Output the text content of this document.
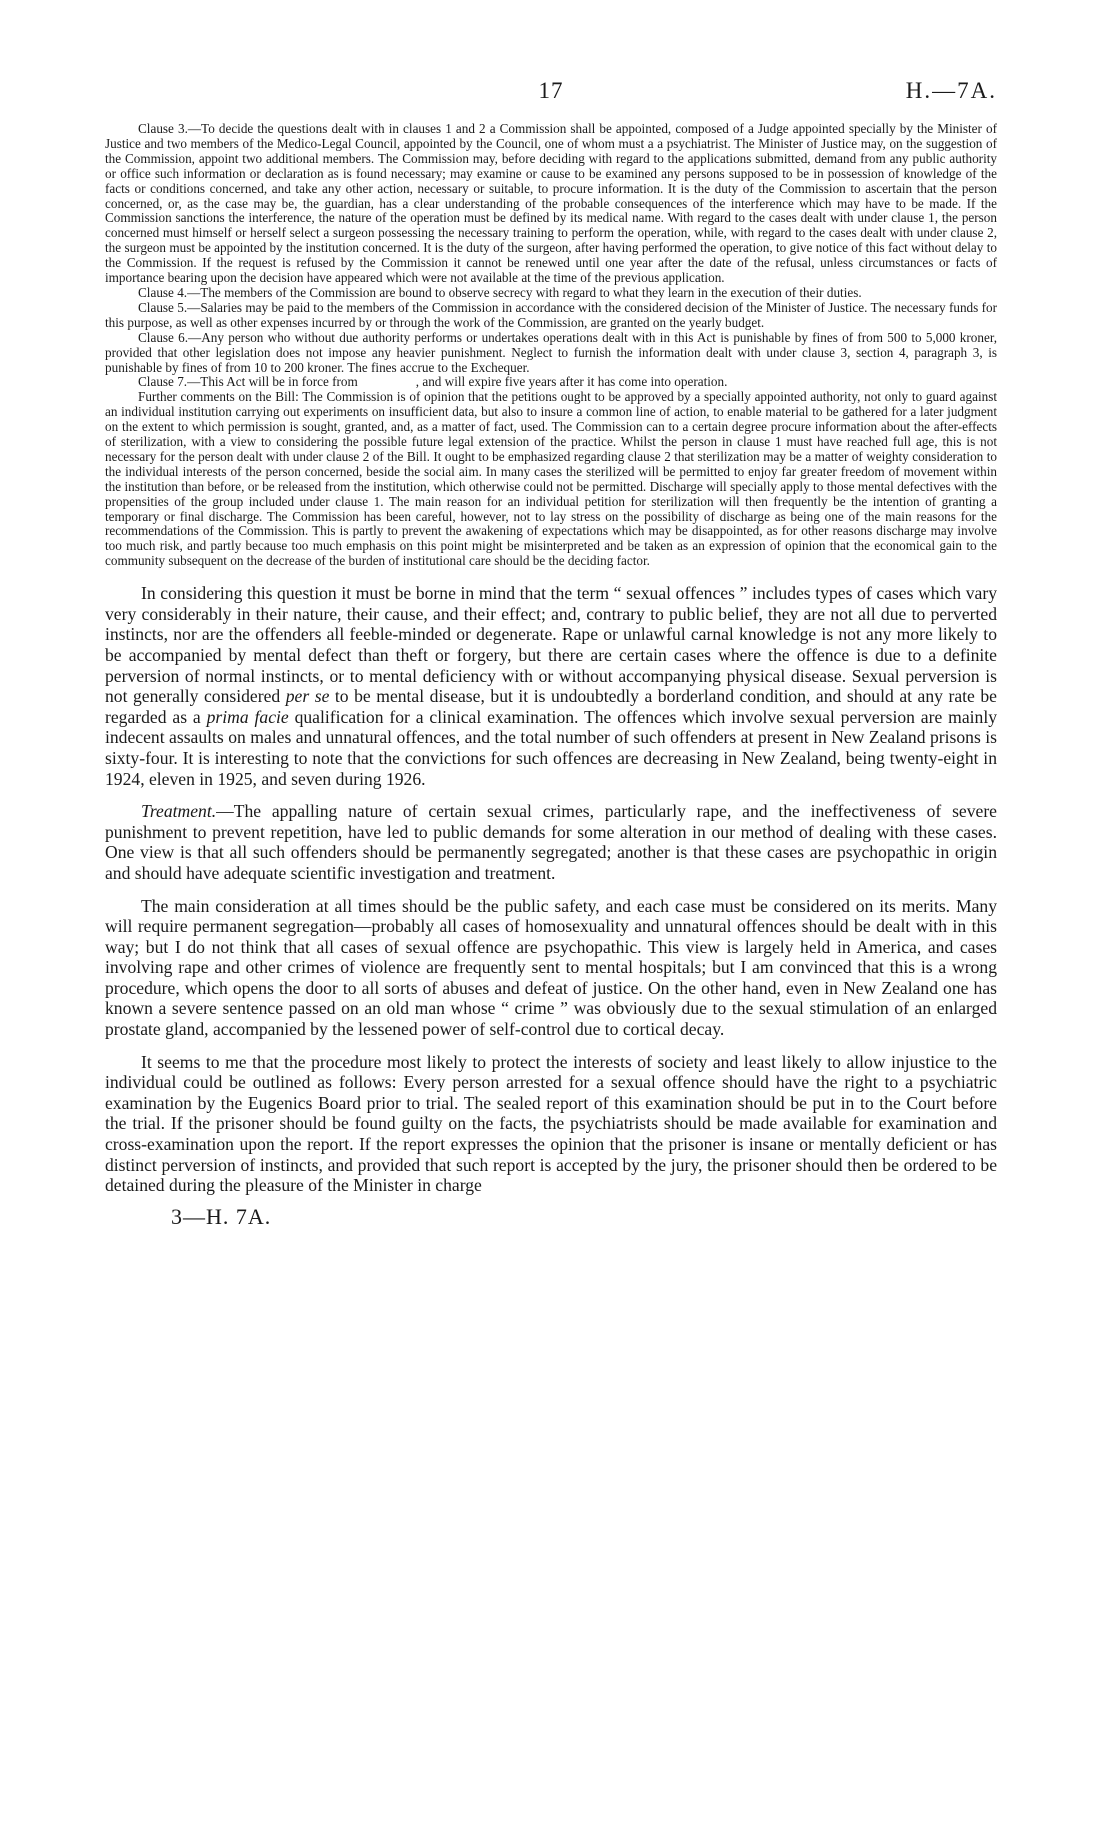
17	H.—7A.

Clause 3.—To decide the questions dealt with in clauses 1 and 2 a Commission shall be appointed, composed of a Judge appointed specially by the Minister of Justice and two members of the Medico-Legal Council, appointed by the Council, one of whom must a a psychiatrist. The Minister of Justice may, on the suggestion of the Commission, appoint two additional members. The Commission may, before deciding with regard to the applications submitted, demand from any public authority or office such information or declaration as is found necessary; may examine or cause to be examined any persons supposed to be in possession of knowledge of the facts or conditions concerned, and take any other action, necessary or suitable, to procure information. It is the duty of the Commission to ascertain that the person concerned, or, as the case may be, the guardian, has a clear understanding of the probable consequences of the interference which may have to be made. If the Commission sanctions the interference, the nature of the operation must be defined by its medical name. With regard to the cases dealt with under clause 1, the person concerned must himself or herself select a surgeon possessing the necessary training to perform the operation, while, with regard to the cases dealt with under clause 2, the surgeon must be appointed by the institution concerned. It is the duty of the surgeon, after having performed the operation, to give notice of this fact without delay to the Commission. If the request is refused by the Commission it cannot be renewed until one year after the date of the refusal, unless circumstances or facts of importance bearing upon the decision have appeared which were not available at the time of the previous application.

Clause 4.—The members of the Commission are bound to observe secrecy with regard to what they learn in the execution of their duties.

Clause 5.—Salaries may be paid to the members of the Commission in accordance with the considered decision of the Minister of Justice. The necessary funds for this purpose, as well as other expenses incurred by or through the work of the Commission, are granted on the yearly budget.

Clause 6.—Any person who without due authority performs or undertakes operations dealt with in this Act is punishable by fines of from 500 to 5,000 kroner, provided that other legislation does not impose any heavier punishment. Neglect to furnish the information dealt with under clause 3, section 4, paragraph 3, is punishable by fines of from 10 to 200 kroner. The fines accrue to the Exchequer.

Clause 7.—This Act will be in force from	, and will expire five years after it has come into operation.

Further comments on the Bill: The Commission is of opinion that the petitions ought to be approved by a specially appointed authority, not only to guard against an individual institution carrying out experiments on insufficient data, but also to insure a common line of action, to enable material to be gathered for a later judgment on the extent to which permission is sought, granted, and, as a matter of fact, used. The Commission can to a certain degree procure information about the after-effects of sterilization, with a view to considering the possible future legal extension of the practice. Whilst the person in clause 1 must have reached full age, this is not necessary for the person dealt with under clause 2 of the Bill. It ought to be emphasized regarding clause 2 that sterilization may be a matter of weighty consideration to the individual interests of the person concerned, beside the social aim. In many cases the sterilized will be permitted to enjoy far greater freedom of movement within the institution than before, or be released from the institution, which otherwise could not be permitted. Discharge will specially apply to those mental defectives with the propensities of the group included under clause 1. The main reason for an individual petition for sterilization will then frequently be the intention of granting a temporary or final discharge. The Commission has been careful, however, not to lay stress on the possibility of discharge as being one of the main reasons for the recommendations of the Commission. This is partly to prevent the awakening of expectations which may be disappointed, as for other reasons discharge may involve too much risk, and partly because too much emphasis on this point might be misinterpreted and be taken as an expression of opinion that the economical gain to the community subsequent on the decrease of the burden of institutional care should be the deciding factor.

In considering this question it must be borne in mind that the term “ sexual offences ” includes types of cases which vary very considerably in their nature, their cause, and their effect; and, contrary to public belief, they are not all due to perverted instincts, nor are the offenders all feeble-minded or degenerate. Rape or unlawful carnal knowledge is not any more likely to be accompanied by mental defect than theft or forgery, but there are certain cases where the offence is due to a definite perversion of normal instincts, or to mental deficiency with or without accompanying physical disease. Sexual perversion is not generally considered per se to be mental disease, but it is undoubtedly a borderland condition, and should at any rate be regarded as a prima facie qualification for a clinical examination. The offences which involve sexual perversion are mainly indecent assaults on males and unnatural offences, and the total number of such offenders at present in New Zealand prisons is sixty-four. It is interesting to note that the convictions for such offences are decreasing in New Zealand, being twenty-eight in 1924, eleven in 1925, and seven during 1926.

Treatment.—The appalling nature of certain sexual crimes, particularly rape, and the ineffectiveness of severe punishment to prevent repetition, have led to public demands for some alteration in our method of dealing with these cases. One view is that all such offenders should be permanently segregated; another is that these cases are psychopathic in origin and should have adequate scientific investigation and treatment.

The main consideration at all times should be the public safety, and each case must be considered on its merits. Many will require permanent segregation—probably all cases of homosexuality and unnatural offences should be dealt with in this way; but I do not think that all cases of sexual offence are psychopathic. This view is largely held in America, and cases involving rape and other crimes of violence are frequently sent to mental hospitals; but I am convinced that this is a wrong procedure, which opens the door to all sorts of abuses and defeat of justice. On the other hand, even in New Zealand one has known a severe sentence passed on an old man whose “ crime ” was obviously due to the sexual stimulation of an enlarged prostate gland, accompanied by the lessened power of self-control due to cortical decay.

It seems to me that the procedure most likely to protect the interests of society and least likely to allow injustice to the individual could be outlined as follows: Every person arrested for a sexual offence should have the right to a psychiatric examination by the Eugenics Board prior to trial. The sealed report of this examination should be put in to the Court before the trial. If the prisoner should be found guilty on the facts, the psychiatrists should be made available for examination and cross-examination upon the report. If the report expresses the opinion that the prisoner is insane or mentally deficient or has distinct perversion of instincts, and provided that such report is accepted by the jury, the prisoner should then be ordered to be detained during the pleasure of the Minister in charge

3—H. 7A.
